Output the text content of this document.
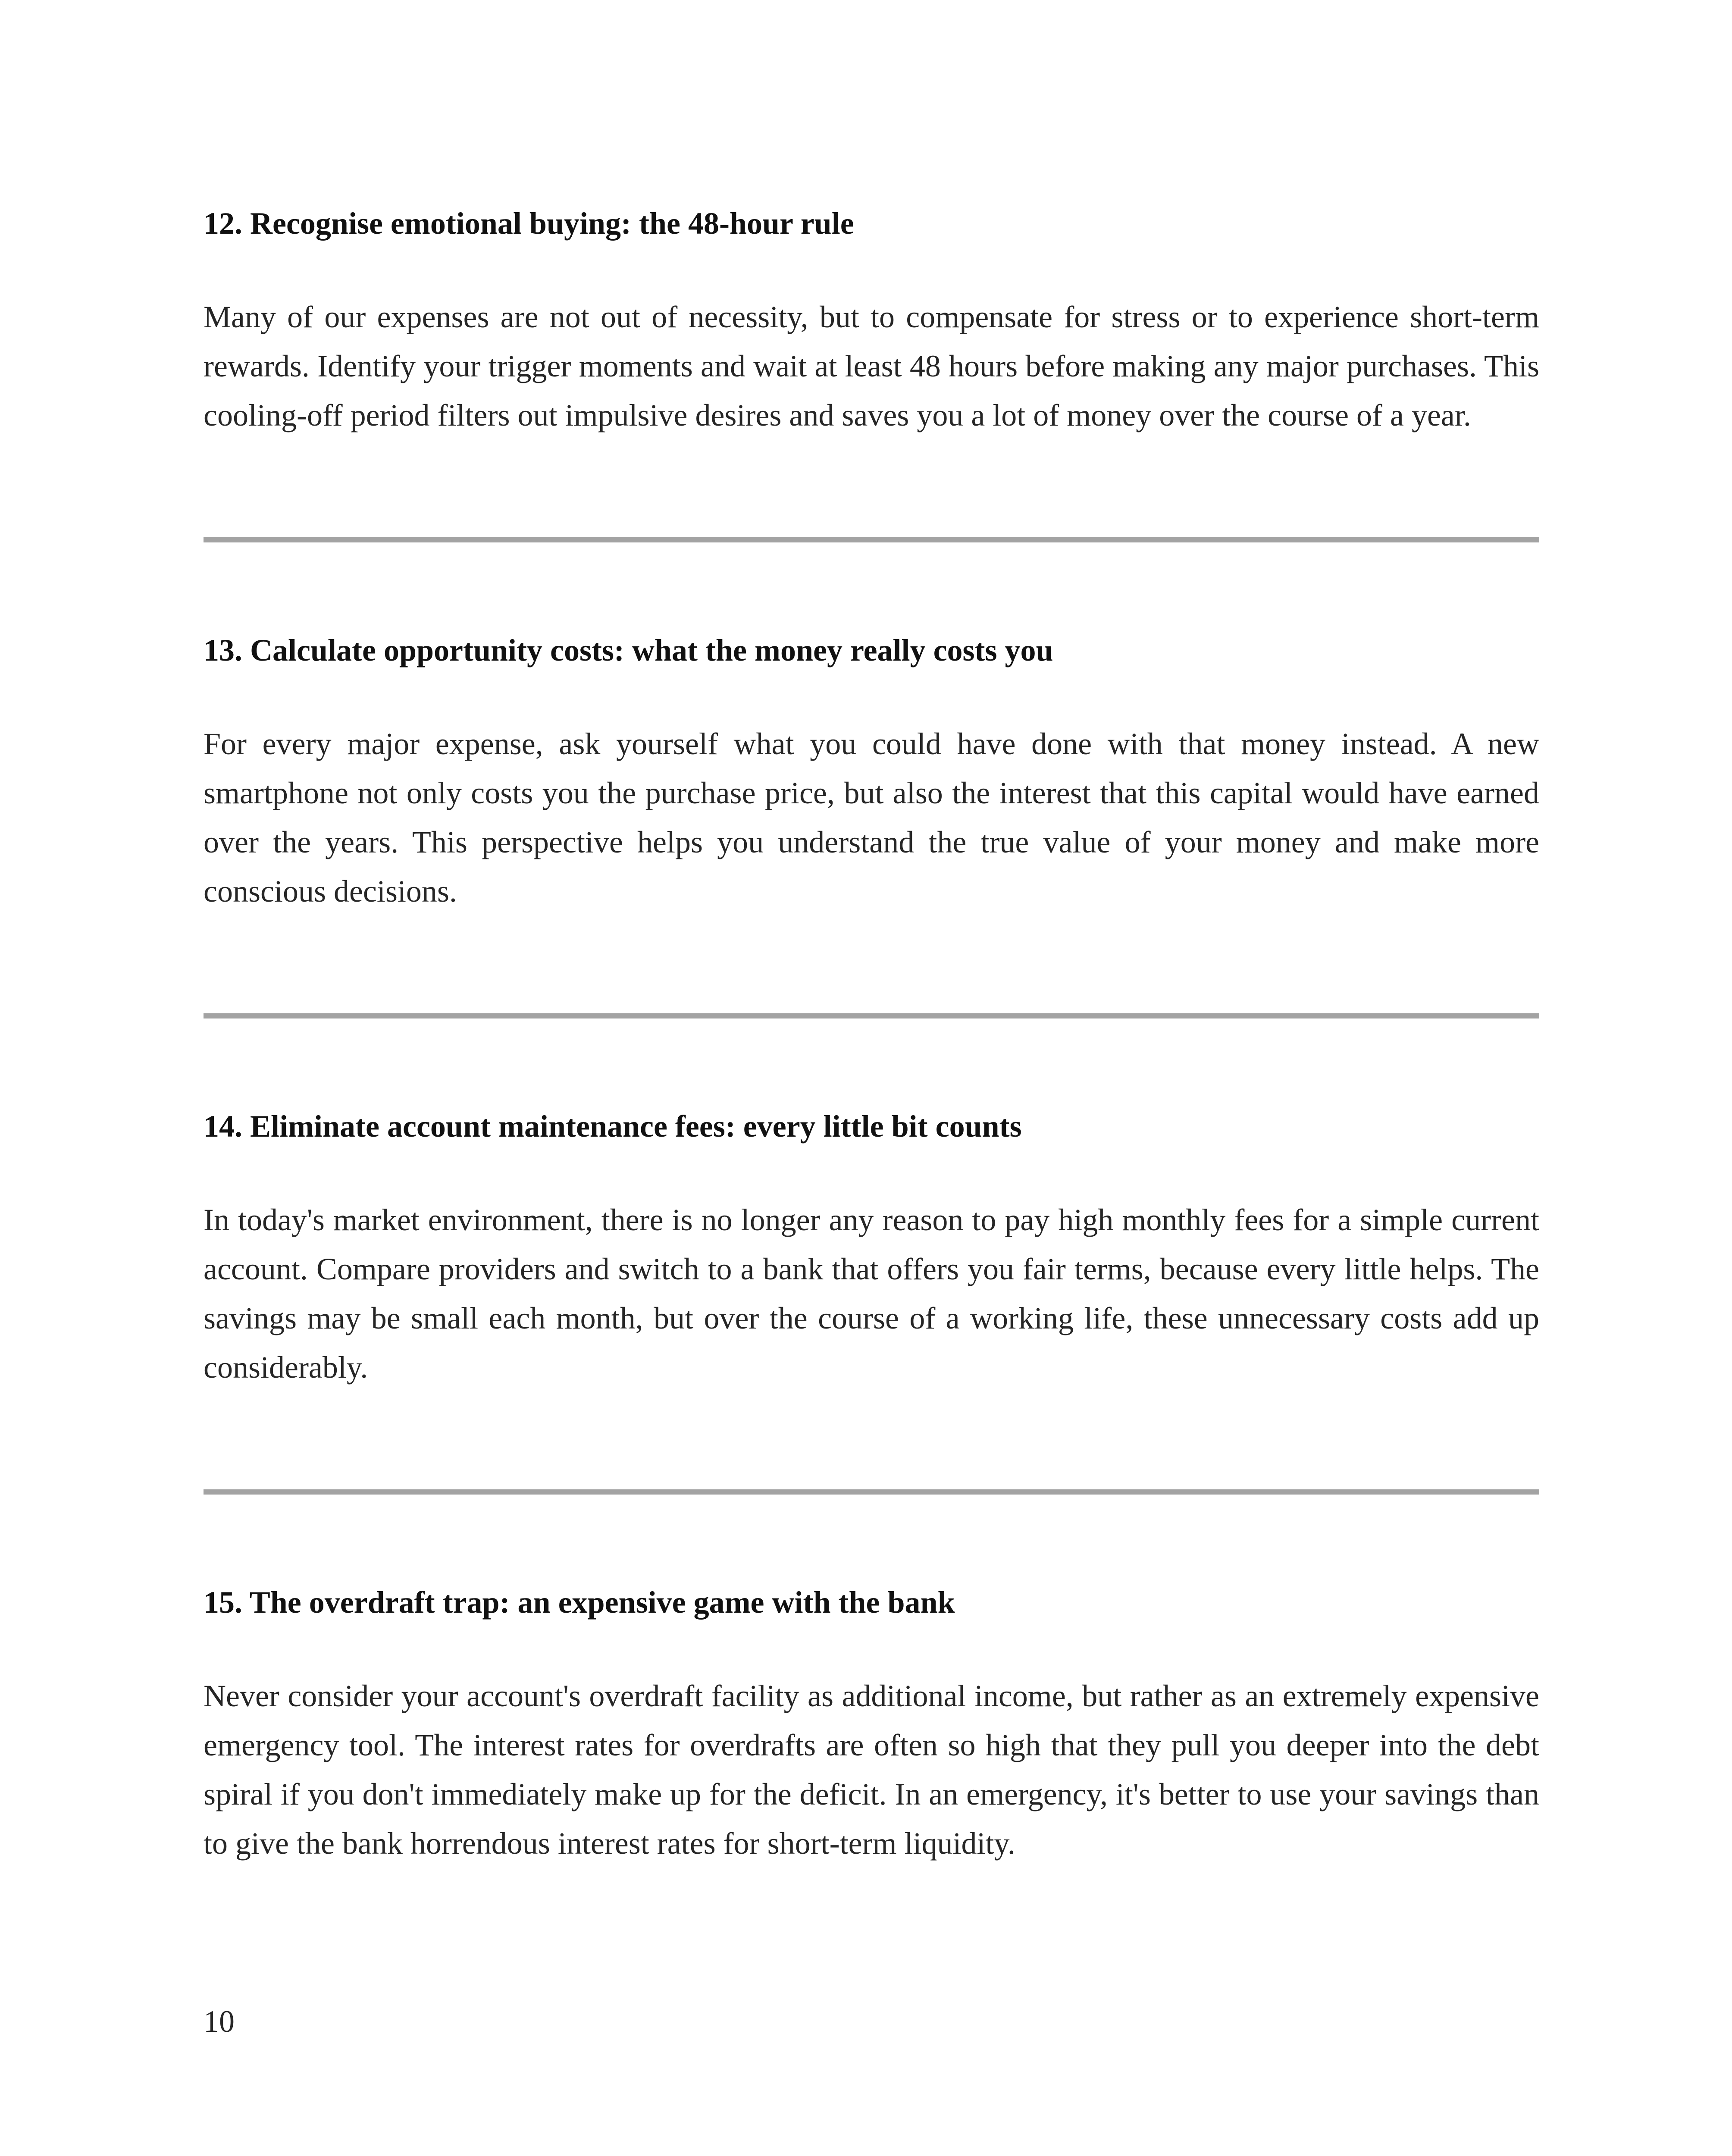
12. Recognise emotional buying: the 48-hour rule

Many of our expenses are not out of necessity, but to compensate for stress or to experience short-term rewards. Identify your trigger moments and wait at least 48 hours before making any major purchases. This cooling-off period filters out impulsive desires and saves you a lot of money over the course of a year.

13. Calculate opportunity costs: what the money really costs you

For every major expense, ask yourself what you could have done with that money instead. A new smartphone not only costs you the purchase price, but also the interest that this capital would have earned over the years. This perspective helps you understand the true value of your money and make more conscious decisions.

14. Eliminate account maintenance fees: every little bit counts

In today's market environment, there is no longer any reason to pay high monthly fees for a simple current account. Compare providers and switch to a bank that offers you fair terms, because every little helps. The savings may be small each month, but over the course of a working life, these unnecessary costs add up considerably.

15. The overdraft trap: an expensive game with the bank

Never consider your account's overdraft facility as additional income, but rather as an extremely expensive emergency tool. The interest rates for overdrafts are often so high that they pull you deeper into the debt spiral if you don't immediately make up for the deficit. In an emergency, it's better to use your savings than to give the bank horrendous interest rates for short-term liquidity.

10
